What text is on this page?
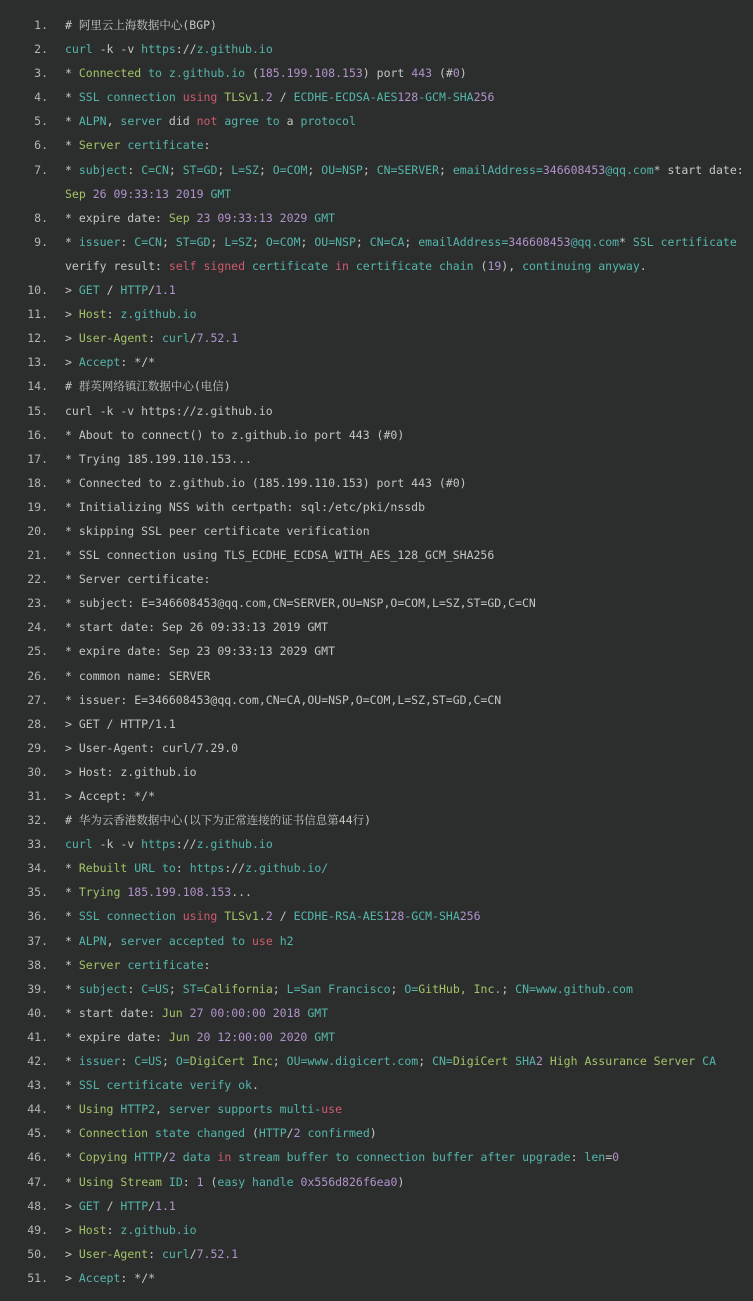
1. # 阿里云上海数据中心(BGP)
2. curl -k -v https://z.github.io
3. * Connected to z.github.io (185.199.108.153) port 443 (#0)
4. * SSL connection using TLSv1.2 / ECDHE-ECDSA-AES128-GCM-SHA256
5. * ALPN, server did not agree to a protocol
6. * Server certificate:
7. * subject: C=CN; ST=GD; L=SZ; O=COM; OU=NSP; CN=SERVER; emailAddress=346608453@qq.com* start date:
Sep 26 09:33:13 2019 GMT
8. * expire date: Sep 23 09:33:13 2029 GMT
9. * issuer: C=CN; ST=GD; L=SZ; O=COM; OU=NSP; CN=CA; emailAddress=346608453@qq.com* SSL certificate
verify result: self signed certificate in certificate chain (19), continuing anyway.
10. > GET / HTTP/1.1
11. > Host: z.github.io
12. > User-Agent: curl/7.52.1
13. > Accept: */*
14. # 群英网络镇江数据中心(电信)
15. curl -k -v https://z.github.io
16. * About to connect() to z.github.io port 443 (#0)
17. * Trying 185.199.110.153...
18. * Connected to z.github.io (185.199.110.153) port 443 (#0)
19. * Initializing NSS with certpath: sql:/etc/pki/nssdb
20. * skipping SSL peer certificate verification
21. * SSL connection using TLS_ECDHE_ECDSA_WITH_AES_128_GCM_SHA256
22. * Server certificate:
23. * subject: E=346608453@qq.com,CN=SERVER,OU=NSP,O=COM,L=SZ,ST=GD,C=CN
24. * start date: Sep 26 09:33:13 2019 GMT
25. * expire date: Sep 23 09:33:13 2029 GMT
26. * common name: SERVER
27. * issuer: E=346608453@qq.com,CN=CA,OU=NSP,O=COM,L=SZ,ST=GD,C=CN
28. > GET / HTTP/1.1
29. > User-Agent: curl/7.29.0
30. > Host: z.github.io
31. > Accept: */*
32. # 华为云香港数据中心(以下为正常连接的证书信息第44行)
33. curl -k -v https://z.github.io
34. * Rebuilt URL to: https://z.github.io/
35. * Trying 185.199.108.153...
36. * SSL connection using TLSv1.2 / ECDHE-RSA-AES128-GCM-SHA256
37. * ALPN, server accepted to use h2
38. * Server certificate:
39. * subject: C=US; ST=California; L=San Francisco; O=GitHub, Inc.; CN=www.github.com
40. * start date: Jun 27 00:00:00 2018 GMT
41. * expire date: Jun 20 12:00:00 2020 GMT
42. * issuer: C=US; O=DigiCert Inc; OU=www.digicert.com; CN=DigiCert SHA2 High Assurance Server CA
43. * SSL certificate verify ok.
44. * Using HTTP2, server supports multi-use
45. * Connection state changed (HTTP/2 confirmed)
46. * Copying HTTP/2 data in stream buffer to connection buffer after upgrade: len=0
47. * Using Stream ID: 1 (easy handle 0x556d826f6ea0)
48. > GET / HTTP/1.1
49. > Host: z.github.io
50. > User-Agent: curl/7.52.1
51. > Accept: */*
